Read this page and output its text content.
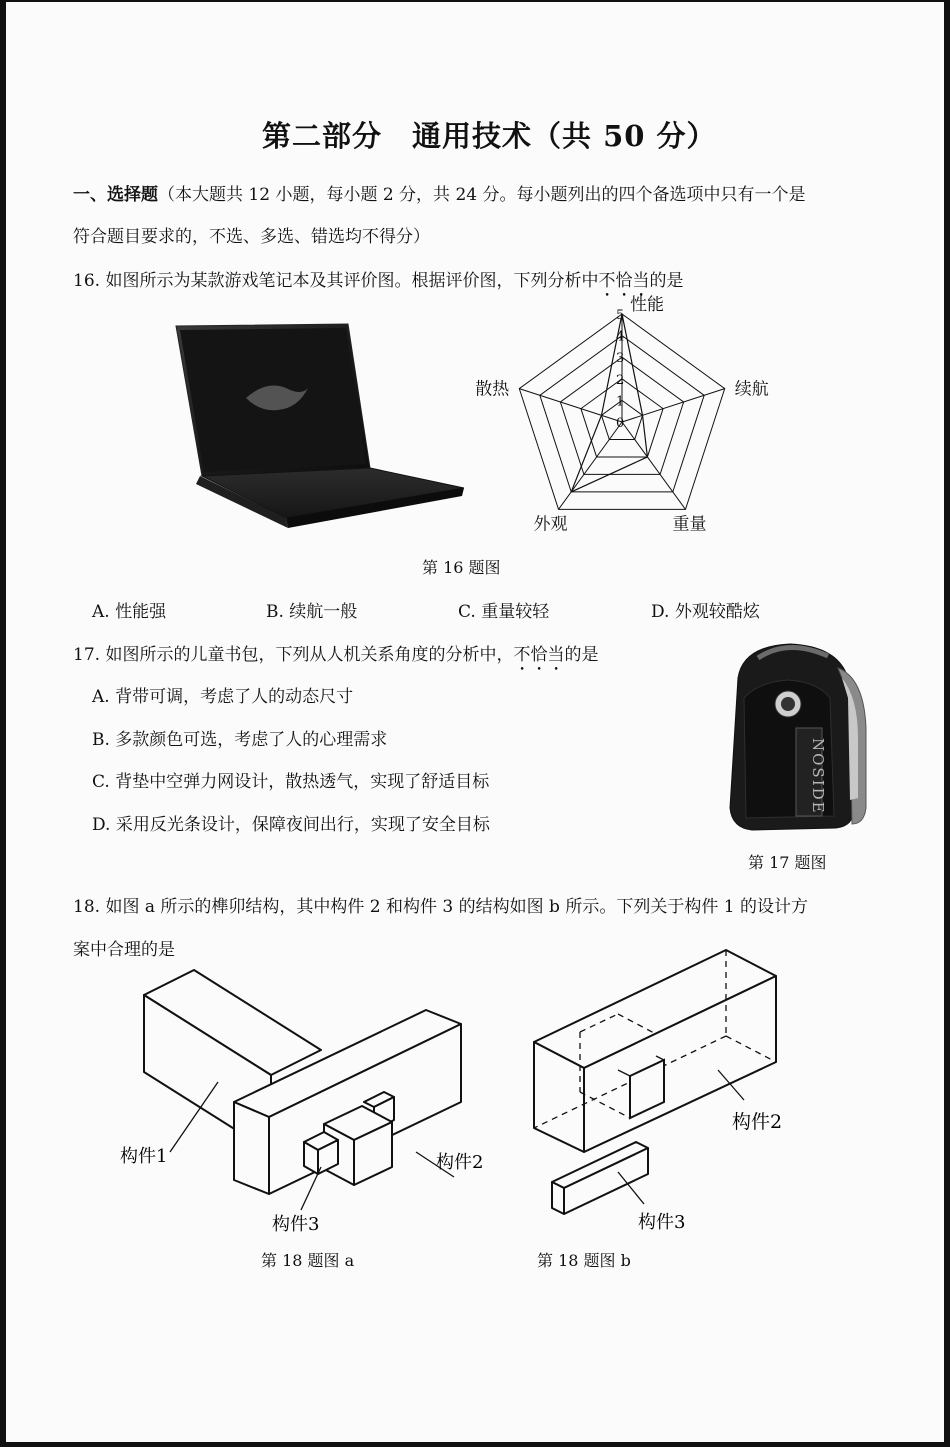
第二部分　通用技术（共 50 分）
一、选择题（本大题共 12 小题，每小题 2 分，共 24 分。每小题列出的四个备选项中只有一个是
符合题目要求的，不选、多选、错选均不得分）
16. 如图所示为某款游戏笔记本及其评价图。根据评价图，下列分析中不恰当的是
0
1
2
3
4
5
性能
续航
重量
外观
散热
第 16 题图
A. 性能强	B. 续航一般	C. 重量较轻	D. 外观较酷炫
17. 如图所示的儿童书包，下列从人机关系角度的分析中，不恰当的是
A. 背带可调，考虑了人的动态尺寸
B. 多款颜色可选，考虑了人的心理需求
C. 背垫中空弹力网设计，散热透气，实现了舒适目标
D. 采用反光条设计，保障夜间出行，实现了安全目标
NOSIDE
第 17 题图
18. 如图 a 所示的榫卯结构，其中构件 2 和构件 3 的结构如图 b 所示。下列关于构件 1 的设计方
案中合理的是
构件1	构件2
构件3
第 18 题图 a
构件2
构件3
第 18 题图 b
